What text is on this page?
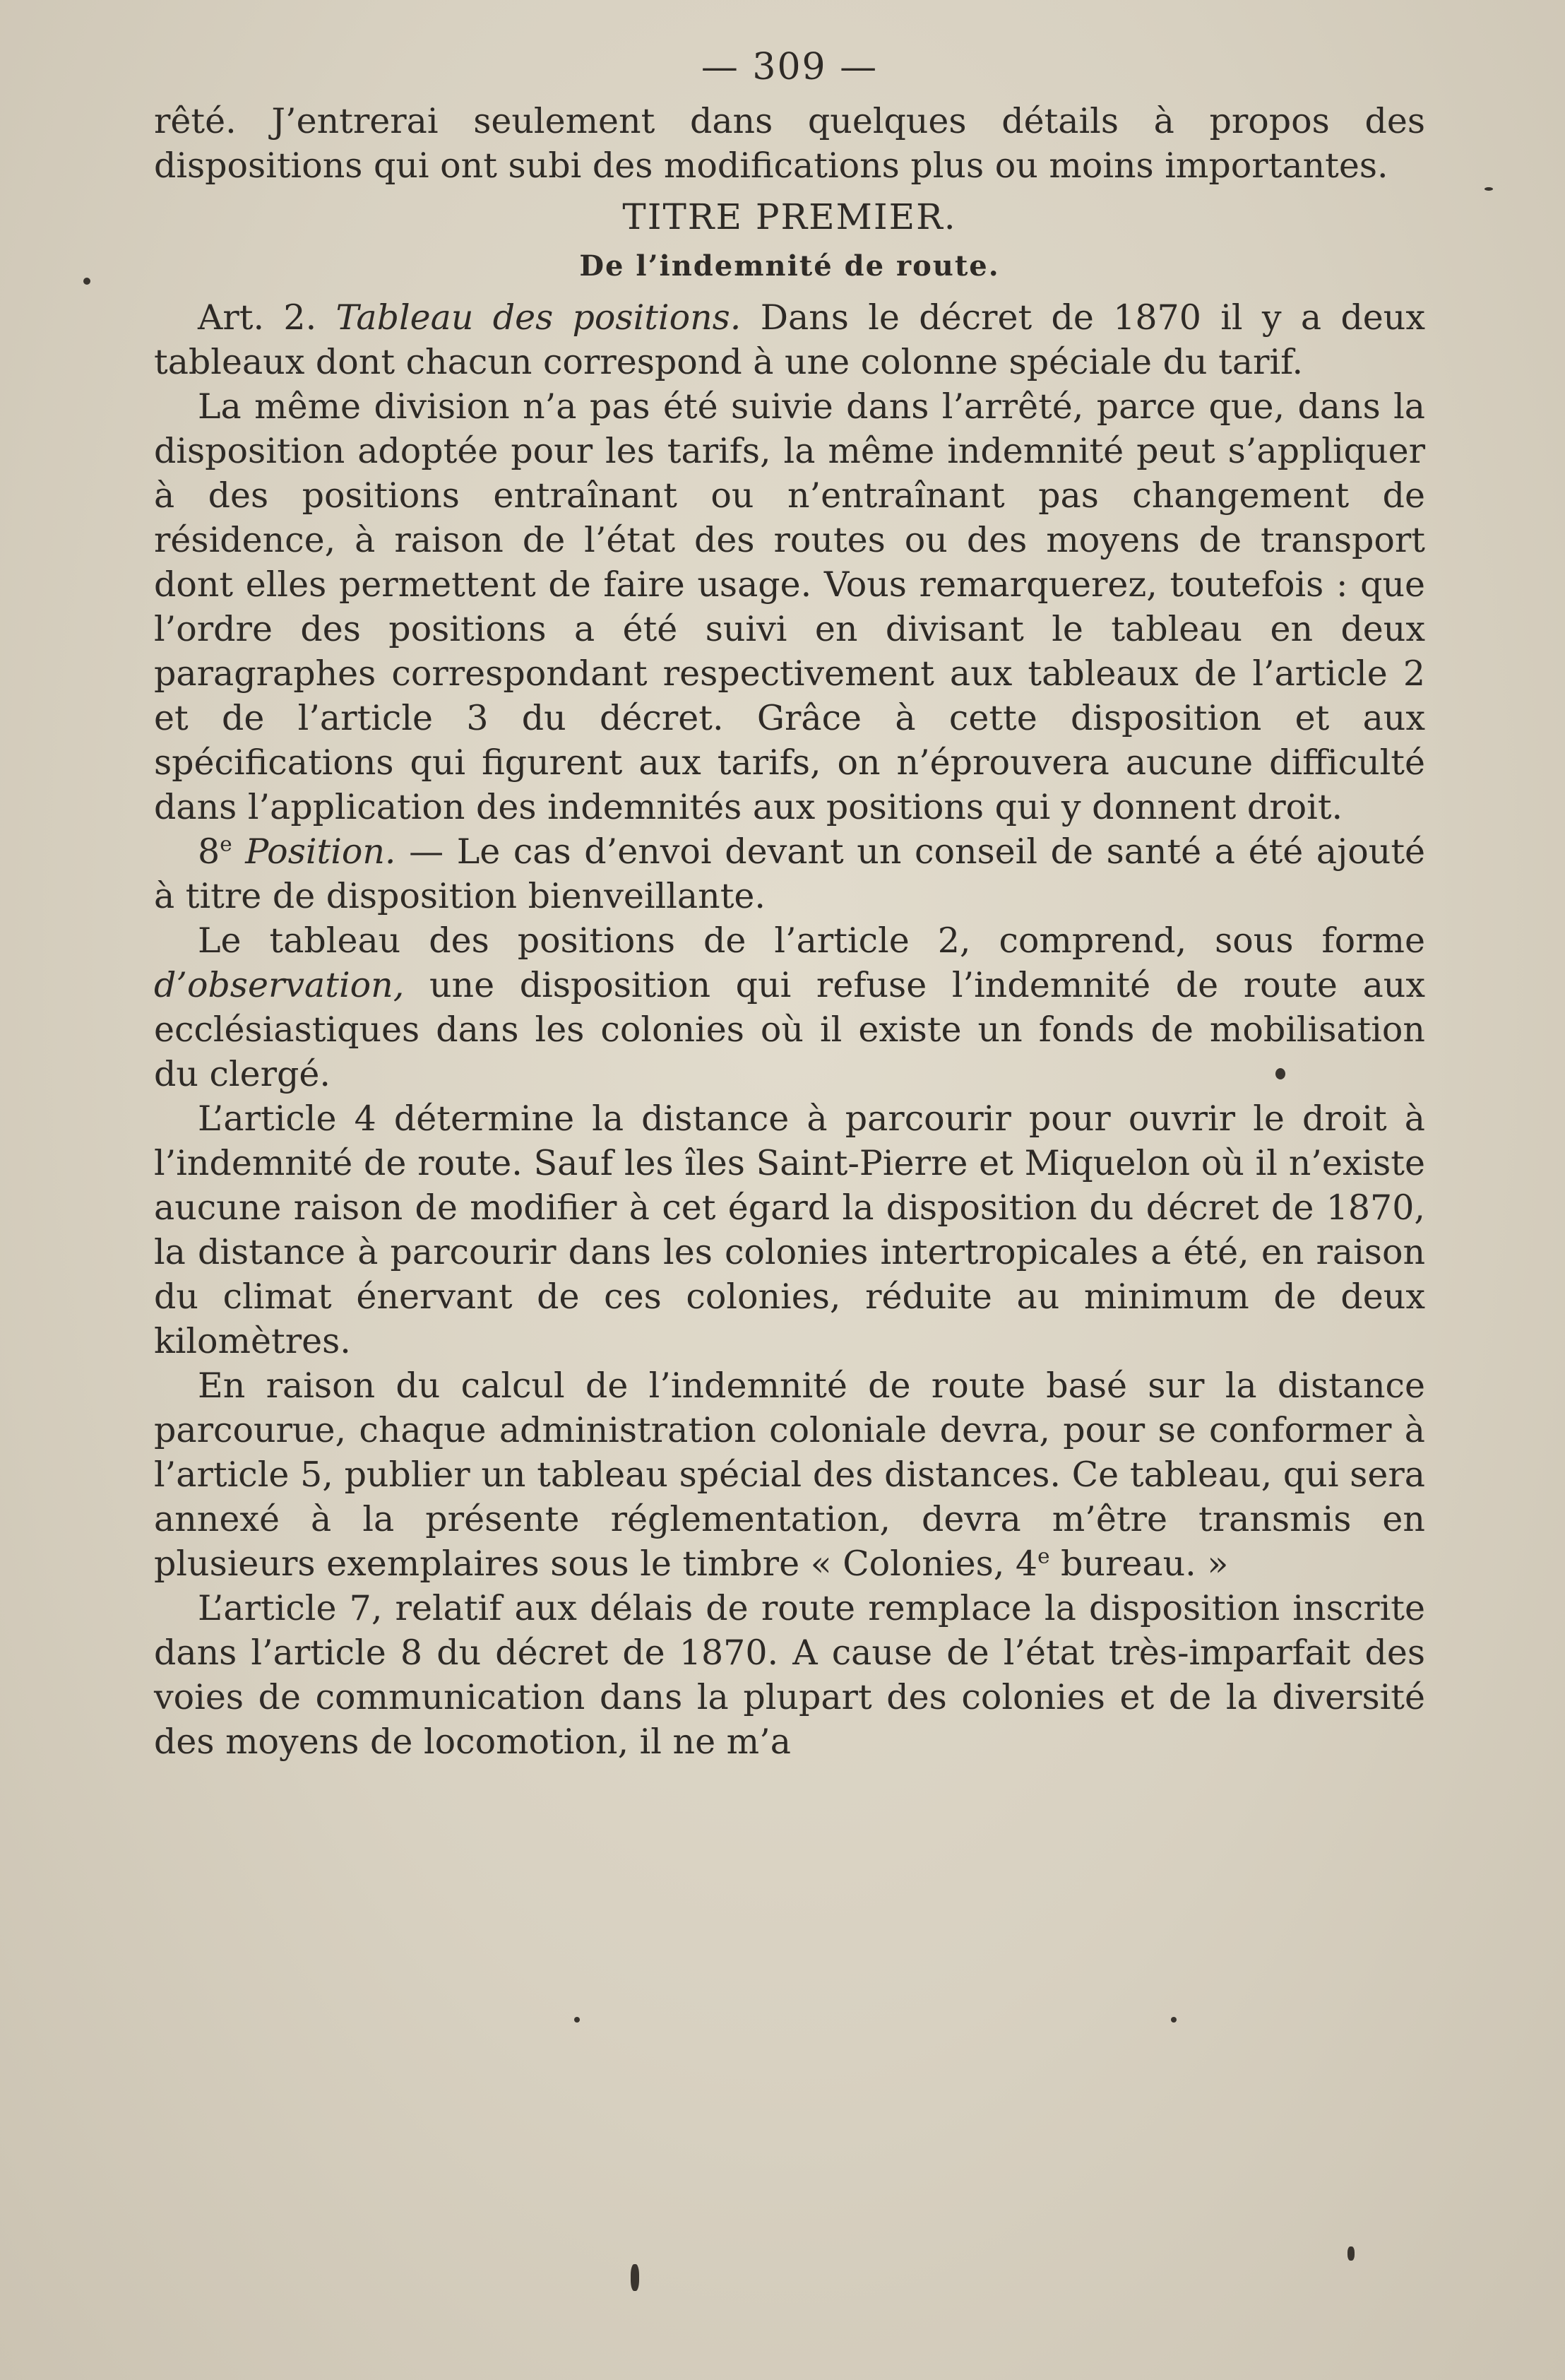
— 309 —

rêté. J’entrerai seulement dans quelques détails à propos des dispositions qui ont subi des modifications plus ou moins importantes.

TITRE PREMIER.
De l’indemnité de route.

Art. 2. Tableau des positions. Dans le décret de 1870 il y a deux tableaux dont chacun correspond à une colonne spéciale du tarif.

La même division n’a pas été suivie dans l’arrêté, parce que, dans la disposition adoptée pour les tarifs, la même indemnité peut s’appliquer à des positions entraînant ou n’entraînant pas changement de résidence, à raison de l’état des routes ou des moyens de transport dont elles permettent de faire usage. Vous remarquerez, toutefois : que l’ordre des positions a été suivi en divisant le tableau en deux paragraphes correspondant respectivement aux tableaux de l’article 2 et de l’article 3 du décret. Grâce à cette disposition et aux spécifications qui figurent aux tarifs, on n’éprouvera aucune difficulté dans l’application des indemnités aux positions qui y donnent droit.

8e Position. — Le cas d’envoi devant un conseil de santé a été ajouté à titre de disposition bienveillante.

Le tableau des positions de l’article 2, comprend, sous forme d’observation, une disposition qui refuse l’indemnité de route aux ecclésiastiques dans les colonies où il existe un fonds de mobilisation du clergé.

L’article 4 détermine la distance à parcourir pour ouvrir le droit à l’indemnité de route. Sauf les îles Saint-Pierre et Miquelon où il n’existe aucune raison de modifier à cet égard la disposition du décret de 1870, la distance à parcourir dans les colonies intertropicales a été, en raison du climat énervant de ces colonies, réduite au minimum de deux kilomètres.

En raison du calcul de l’indemnité de route basé sur la distance parcourue, chaque administration coloniale devra, pour se conformer à l’article 5, publier un tableau spécial des distances. Ce tableau, qui sera annexé à la présente réglementation, devra m’être transmis en plusieurs exemplaires sous le timbre « Colonies, 4e bureau. »

L’article 7, relatif aux délais de route remplace la disposition inscrite dans l’article 8 du décret de 1870. A cause de l’état très-imparfait des voies de communication dans la plupart des colonies et de la diversité des moyens de locomotion, il ne m’a
